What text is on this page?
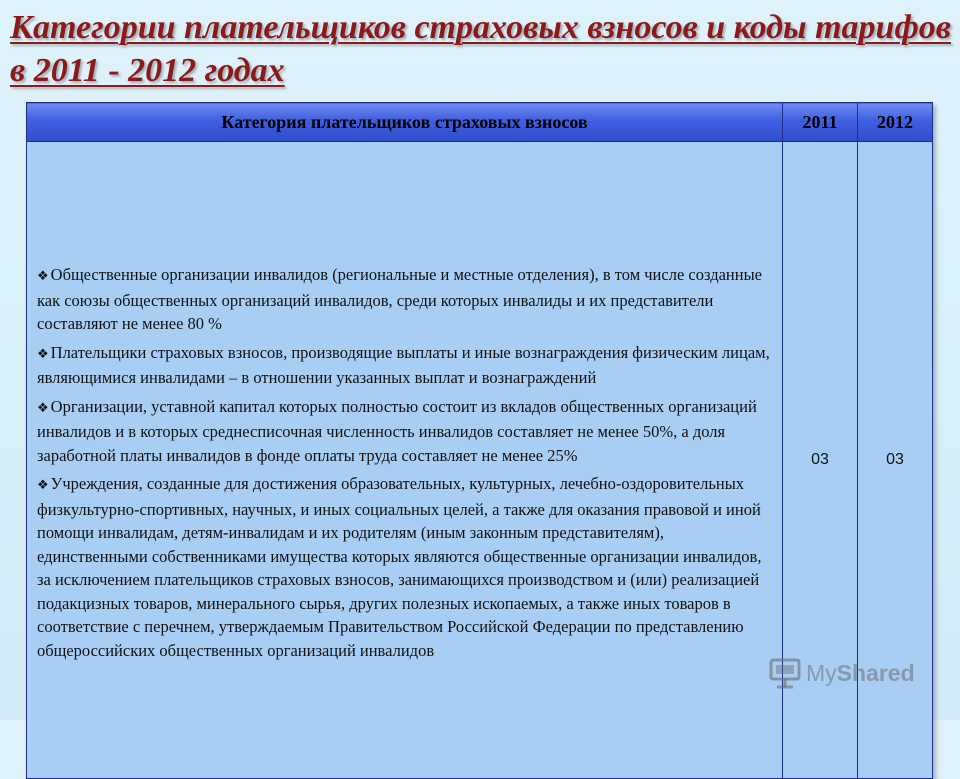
Категории плательщиков страховых взносов и коды тарифов в 2011 - 2012 годах
Категория плательщиков страховых взносов	2011	2012

❖ Общественные организации инвалидов (региональные и местные отделения), в том числе созданные как союзы общественных организаций инвалидов, среди которых инвалиды и их представители составляют не менее 80 %
❖ Плательщики страховых взносов, производящие выплаты и иные вознаграждения физическим лицам, являющимися инвалидами – в отношении указанных выплат и вознаграждений
❖ Организации, уставной капитал которых полностью состоит из вкладов общественных организаций инвалидов и в которых среднесписочная численность инвалидов составляет не менее 50%, а доля заработной платы инвалидов в фонде оплаты труда составляет не менее 25%
❖ Учреждения, созданные для достижения образовательных, культурных, лечебно-оздоровительных физкультурно-спортивных, научных, и иных социальных целей, а также для оказания правовой и иной помощи инвалидам, детям-инвалидам и их родителям (иным законным представителям), единственными собственниками имущества которых являются общественные организации инвалидов, за исключением плательщиков страховых взносов, занимающихся производством и (или) реализацией подакцизных товаров, минерального сырья, других полезных ископаемых, а также иных товаров в соответствие с перечнем, утверждаемым Правительством Российской Федерации по представлению общероссийских общественных организаций инвалидов	03	03
MyShared
